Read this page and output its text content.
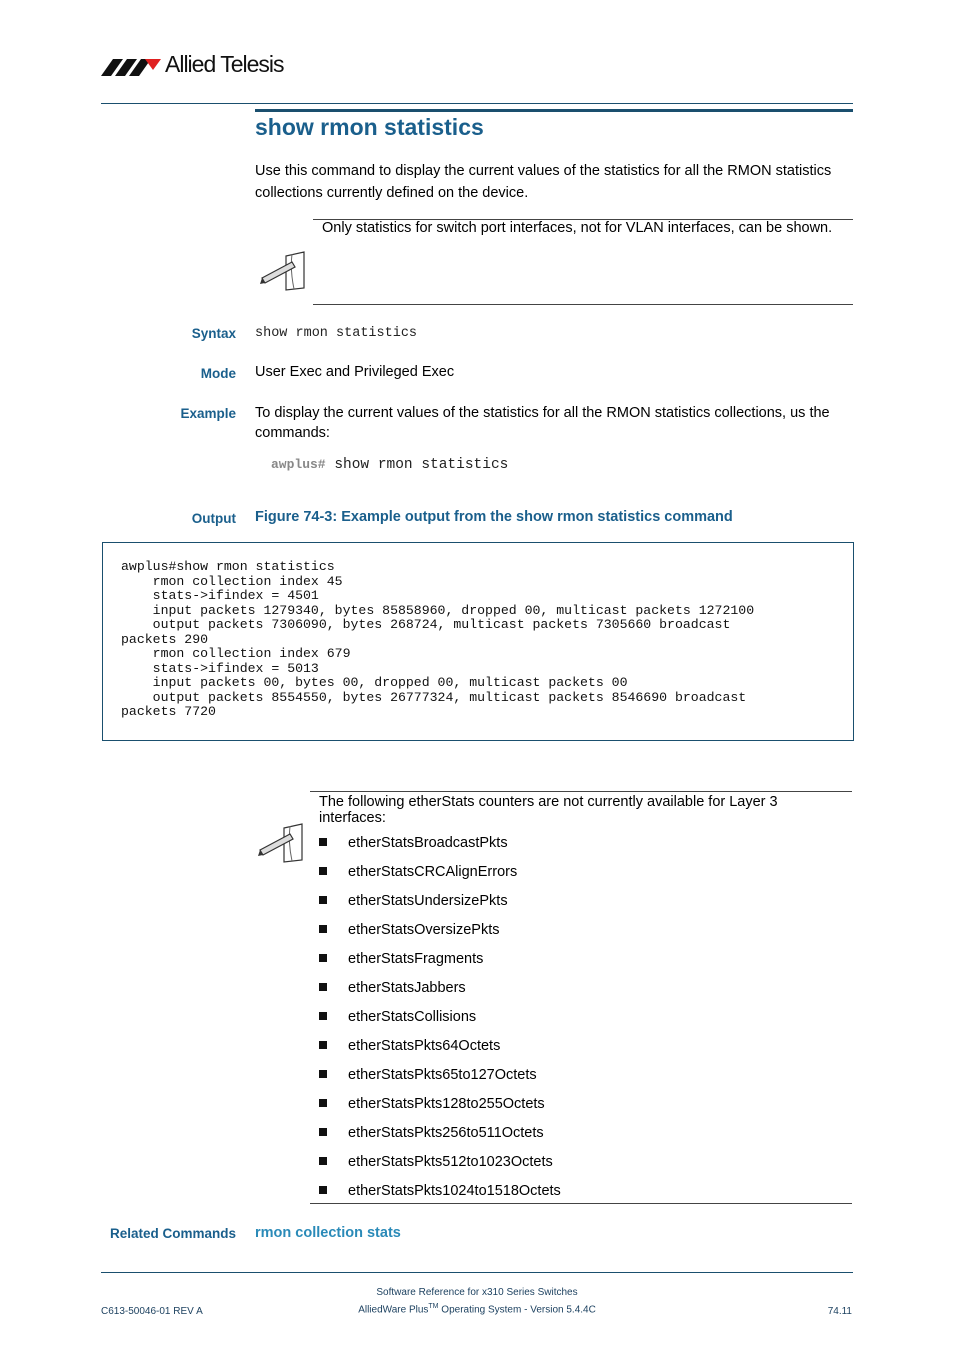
Allied Telesis
show rmon statistics
Use this command to display the current values of the statistics for all the RMON statistics collections currently defined on the device.
Only statistics for switch port interfaces, not for VLAN interfaces, can be shown.
Syntax show rmon statistics
Mode User Exec and Privileged Exec
Example To display the current values of the statistics for all the RMON statistics collections, us the commands:
awplus# show rmon statistics
Output Figure 74-3: Example output from the show rmon statistics command
awplus#show rmon statistics
rmon collection index 45
stats->ifindex = 4501
input packets 1279340, bytes 85858960, dropped 00, multicast packets 1272100
output packets 7306090, bytes 268724, multicast packets 7305660 broadcast
packets 290
rmon collection index 679
stats->ifindex = 5013
input packets 00, bytes 00, dropped 00, multicast packets 00
output packets 8554550, bytes 26777324, multicast packets 8546690 broadcast
packets 7720
The following etherStats counters are not currently available for Layer 3 interfaces:
etherStatsBroadcastPkts
etherStatsCRCAlignErrors
etherStatsUndersizePkts
etherStatsOversizePkts
etherStatsFragments
etherStatsJabbers
etherStatsCollisions
etherStatsPkts64Octets
etherStatsPkts65to127Octets
etherStatsPkts128to255Octets
etherStatsPkts256to511Octets
etherStatsPkts512to1023Octets
etherStatsPkts1024to1518Octets
Related Commands rmon collection stats
Software Reference for x310 Series Switches
C613-50046-01 REV A	AlliedWare Plus™ Operating System - Version 5.4.4C	74.11
